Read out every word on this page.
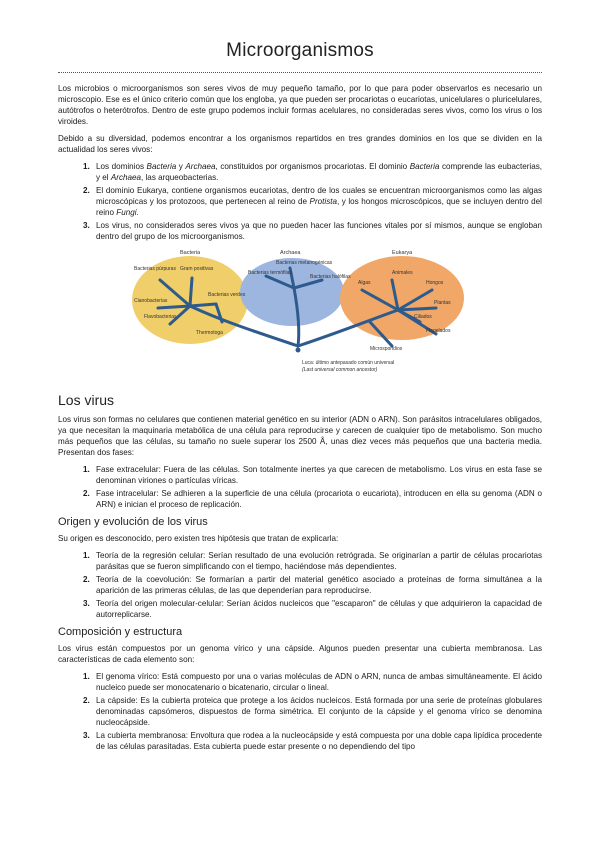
Microorganismos

Los microbios o microorganismos son seres vivos de muy pequeño tamaño, por lo que para poder observarlos es necesario un microscopio. Ese es el único criterio común que los engloba, ya que pueden ser procariotas o eucariotas, unicelulares o pluricelulares, autótrofos o heterótrofos. Dentro de este grupo podemos incluir formas acelulares, no consideradas seres vivos, como los virus o los viroides.

Debido a su diversidad, podemos encontrar a los organismos repartidos en tres grandes dominios en los que se dividen en la actualidad los seres vivos:

1. Los dominios Bacteria y Archaea, constituidos por organismos procariotas. El dominio Bacteria comprende las eubacterias, y el Archaea, las arqueobacterias.
2. El dominio Eukarya, contiene organismos eucariotas, dentro de los cuales se encuentran microorganismos como las algas microscópicas y los protozoos, que pertenecen al reino de Protista, y los hongos microscópicos, que se incluyen dentro del reino Fungi.
3. Los virus, no considerados seres vivos ya que no pueden hacer las funciones vitales por sí mismos, aunque se engloban dentro del grupo de los microorganismos.
Bacteria	Archaea	Eukarya
Bacterias púrpuras Gram positivas
Cianobacterias
Flavobacterias
Bacterias verdes
Thermotoga
Bacterias termófilas
Bacterias metanogénicas
Bacterias halófilas
Algas
Animales
Hongos
Plantas
Ciliados
Flagelados
Microsporidios
Luca: último antepasado común universal
(Last universal common ancestor)
Los virus

Los virus son formas no celulares que contienen material genético en su interior (ADN o ARN). Son parásitos intracelulares obligados, ya que necesitan la maquinaria metabólica de una célula para reproducirse y carecen de cualquier tipo de metabolismo. Son mucho más pequeños que las células, su tamaño no suele superar los 2500 Å, unas diez veces más pequeños que una bacteria media. Presentan dos fases:

1. Fase extracelular: Fuera de las células. Son totalmente inertes ya que carecen de metabolismo. Los virus en esta fase se denominan viriones o partículas víricas.
2. Fase intracelular: Se adhieren a la superficie de una célula (procariota o eucariota), introducen en ella su genoma (ADN o ARN) e inician el proceso de replicación.
Origen y evolución de los virus

Su origen es desconocido, pero existen tres hipótesis que tratan de explicarla:

1. Teoría de la regresión celular: Serían resultado de una evolución retrógrada. Se originarían a partir de células procariotas parásitas que se fueron simplificando con el tiempo, haciéndose más dependientes.
2. Teoría de la coevolución: Se formarían a partir del material genético asociado a proteínas de forma simultánea a la aparición de las primeras células, de las que dependerían para reproducirse.
3. Teoría del origen molecular-celular: Serían ácidos nucleicos que "escaparon" de células y que adquirieron la capacidad de autorreplicarse.
Composición y estructura

Los virus están compuestos por un genoma vírico y una cápside. Algunos pueden presentar una cubierta membranosa. Las características de cada elemento son:

1. El genoma vírico: Está compuesto por una o varias moléculas de ADN o ARN, nunca de ambas simultáneamente. El ácido nucleico puede ser monocatenario o bicatenario, circular o lineal.
2. La cápside: Es la cubierta proteica que protege a los ácidos nucleicos. Está formada por una serie de proteínas globulares denominadas capsómeros, dispuestos de forma simétrica. El conjunto de la cápside y el genoma vírico se denomina nucleocápside.
3. La cubierta membranosa: Envoltura que rodea a la nucleocápside y está compuesta por una doble capa lipídica procedente de las células parasitadas. Esta cubierta puede estar presente o no dependiendo del tipo
